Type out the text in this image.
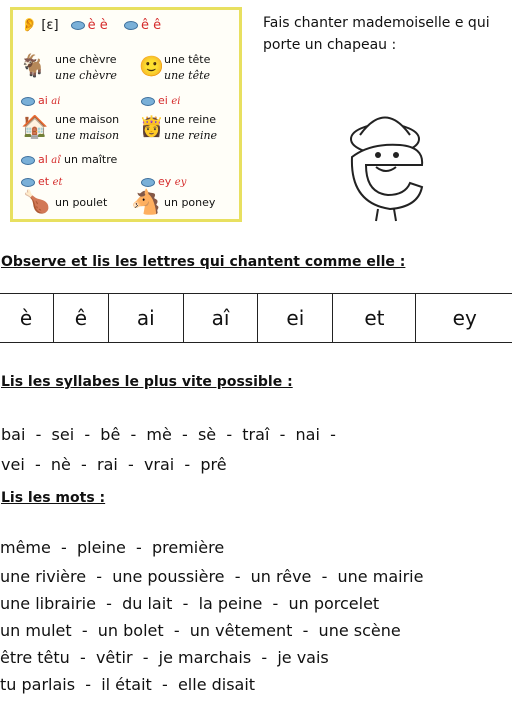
👂 [ε] è è	ê ê
🐐 une chèvre
une chèvre 🙂 une tête
une tête
ai ai	ei ei
🏠 une maison
une maison 👸 une reine
une reine
al aî un maître
et et	ey ey
🍗 un poulet 🐴 un poney
Fais chanter mademoiselle e qui porte un chapeau :
Observe et lis les lettres qui chantent comme elle :
è	ê	ai	aî	ei	et	ey
Lis les syllabes le plus vite possible :
bai  -  sei  -  bê  -  mè  -  sè  -  traî  -  nai  -
vei  -  nè  -  rai  -  vrai  -  prê
Lis les mots :
même  -  pleine  -  première
une rivière  -  une poussière  -  un rêve  -  une mairie
une librairie  -  du lait  -  la peine  -  un porcelet
un mulet  -  un bolet  -  un vêtement  -  une scène
être têtu  -  vêtir  -  je marchais  -  je vais
tu parlais  -  il était  -  elle disait
